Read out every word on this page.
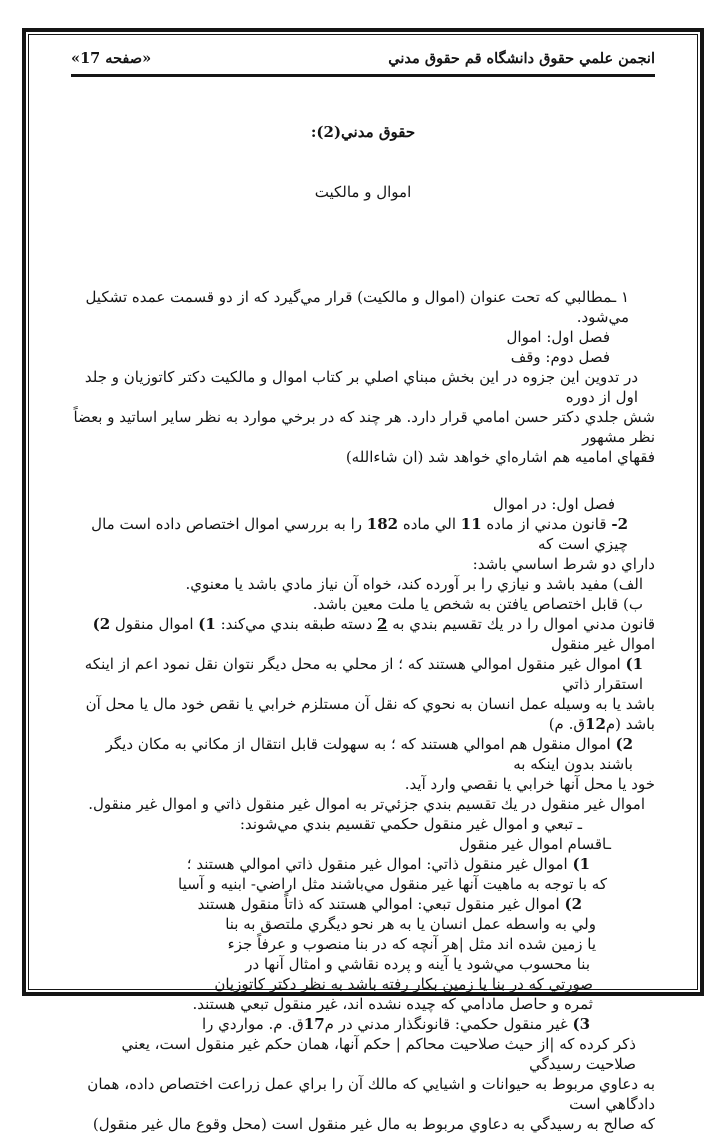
انجمن علمي حقوق دانشگاه قم حقوق مدني
«صفحه 17»
حقوق مدني(2):
اموال و مالکيت
١ ـمطالبي که تحت عنوان (اموال و مالکيت) قرار مي‌گيرد که از دو قسمت عمده تشکيل مي‌شود.
فصل اول: اموال
فصل دوم: وقف
در تدوين اين جزوه در اين بخش مبناي اصلي بر کتاب اموال و مالکيت دکتر کاتوزيان و جلد اول از دوره
شش جلدي دکتر حسن امامي قرار دارد. هر چند که در برخي موارد به نظر ساير اساتيد و بعضاً نظر مشهور
فقهاي اماميه هم اشاره‌اي خواهد شد (ان شاءالله)
فصل اول: در اموال
2- قانون مدني از ماده 11 الي ماده 182 را به بررسي اموال اختصاص داده است مال چيزي است که
داراي دو شرط اساسي باشد:
الف) مفيد باشد و نيازي را بر آورده کند، خواه آن نياز مادي باشد يا معنوي.
ب) قابل اختصاص يافتن به شخص يا ملت معين باشد.
قانون مدني اموال را در يك تقسيم بندي به 2 دسته طبقه بندي مي‌کند: 1) اموال منقول 2) اموال غير منقول
1) اموال غير منقول اموالي هستند که ؛ از محلي به محل ديگر نتوان نقل نمود اعم از اينکه استقرار ذاتي
باشد يا به وسيله عمل انسان به نحوي که نقل آن مستلزم خرابي يا نقص خود مال يا محل آن باشد (م12ق. م)
2) اموال منقول هم اموالي هستند که ؛ به سهولت قابل انتقال از مکاني به مکان ديگر باشند بدون اينکه به
خود يا محل آنها خرابي يا نقصي وارد آيد.
اموال غير منقول در يك تقسيم بندي جزئي‌تر به اموال غير منقول ذاتي و اموال غير منقول.
ـ تبعي و اموال غير منقول حکمي تقسيم بندي مي‌شوند:
ـاقسام اموال غير منقول
1) اموال غير منقول ذاتي: اموال غير منقول ذاتي اموالي هستند ؛
که با توجه به ماهيت آنها غير منقول مي‌باشند مثل اراضي- ابنيه و آسيا
2) اموال غير منقول تبعي: اموالي هستند که ذاتاً منقول هستند
ولي به واسطه عمل انسان يا به هر نحو ديگري ملتصق به بنا
يا زمين شده اند مثل |هر آنچه که در بنا منصوب و عرفاً جزء
بنا محسوب مي‌شود يا آينه و پرده نقاشي و امثال آنها در
صورتي که در بنا يا زمين بکار رفته باشد به نظر دکتر کاتوزيان
ثمره و حاصل مادامي که چيده نشده اند، غير منقول تبعي هستند.
3) غير منقول حکمي: قانونگذار مدني در م17ق. م. مواردي را
ذکر کرده که |از حيث صلاحيت محاکم | حکم آنها، همان حکم غير منقول است، يعني صلاحيت رسيدگي
به دعاوي مربوط به حيوانات و اشيايي که مالك آن را براي عمل زراعت اختصاص داده، همان دادگاهي است
که صالح به رسيدگي به دعاوي مربوط به مال غير منقول است (محل وقوع مال غير منقول)
